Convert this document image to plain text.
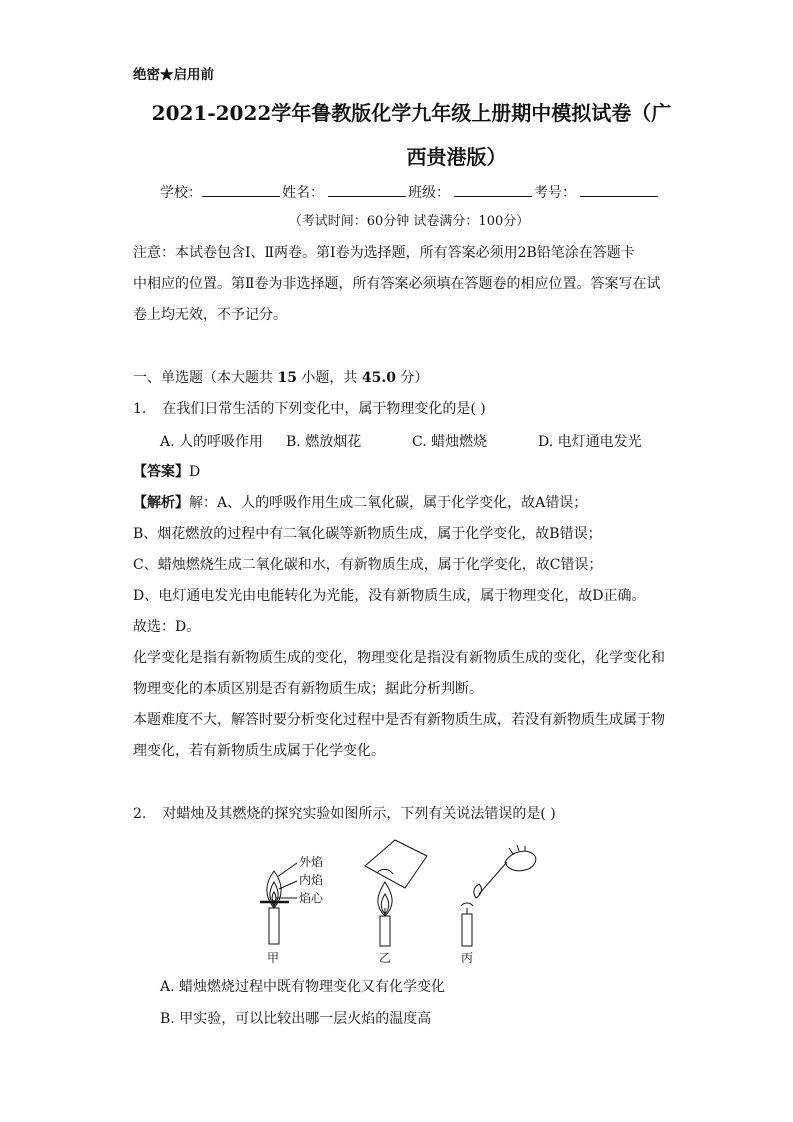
绝密★启用前
2021-2022学年鲁教版化学九年级上册期中模拟试卷（广
西贵港版）
学校：	姓名：	班级：	考号：
（考试时间：60分钟 试卷满分：100分）
注意：本试卷包含Ⅰ、Ⅱ两卷。第Ⅰ卷为选择题，所有答案必须用2B铅笔涂在答题卡
中相应的位置。第Ⅱ卷为非选择题，所有答案必须填在答题卷的相应位置。答案写在试
卷上均无效，不予记分。
一、单选题（本大题共 15 小题，共 45.0 分）
1. 在我们日常生活的下列变化中，属于物理变化的是( )
A. 人的呼吸作用 B. 燃放烟花	C. 蜡烛燃烧	D. 电灯通电发光
【答案】D
【解析】解：A、人的呼吸作用生成二氧化碳，属于化学变化，故A错误；
B、烟花燃放的过程中有二氧化碳等新物质生成，属于化学变化，故B错误；
C、蜡烛燃烧生成二氧化碳和水，有新物质生成，属于化学变化，故C错误；
D、电灯通电发光由电能转化为光能，没有新物质生成，属于物理变化，故D正确。
故选：D。
化学变化是指有新物质生成的变化，物理变化是指没有新物质生成的变化，化学变化和
物理变化的本质区别是否有新物质生成；据此分析判断。
本题难度不大，解答时要分析变化过程中是否有新物质生成，若没有新物质生成属于物
理变化，若有新物质生成属于化学变化。
2. 对蜡烛及其燃烧的探究实验如图所示，下列有关说法错误的是( )
外焰
内焰
焰心
甲	乙	丙
A. 蜡烛燃烧过程中既有物理变化又有化学变化
B. 甲实验，可以比较出哪一层火焰的温度高
